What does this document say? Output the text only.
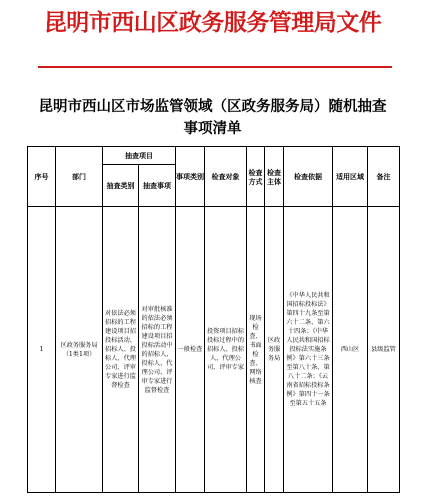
昆明市西山区政务服务管理局文件
昆明市西山区市场监管领域（区政务服务局）随机抽查
事项清单
序号	部门	抽查项目		事项类别	检查对象	检查方式	检查主体	检查依据	适用区域	备注
		抽查类别	抽查事项							
1	区政务服务局（1类1项）	对依法必须招标的工程建设项目招投标活动、招标人、投标人、代理公司、评审专家进行监督检查	对审批核准的依法必须招标的工程建设项目招投标活动中的招标人、投标人、代理公司、评审专家进行监督检查	一般检查	投资项目招标投标过程中的招标人、投标人、代理公司、评审专家	现场检查、书面检查、网络核查	区政务服务局	《中华人民共和国招标投标法》第四十九条至第六十二条、第六十四条；《中华人民共和国招标投标法实施条例》第六十三条至第八十条、第八十二条；《云南省招标投标条例》第四十一条至第五十五条	西山区	县级监管
